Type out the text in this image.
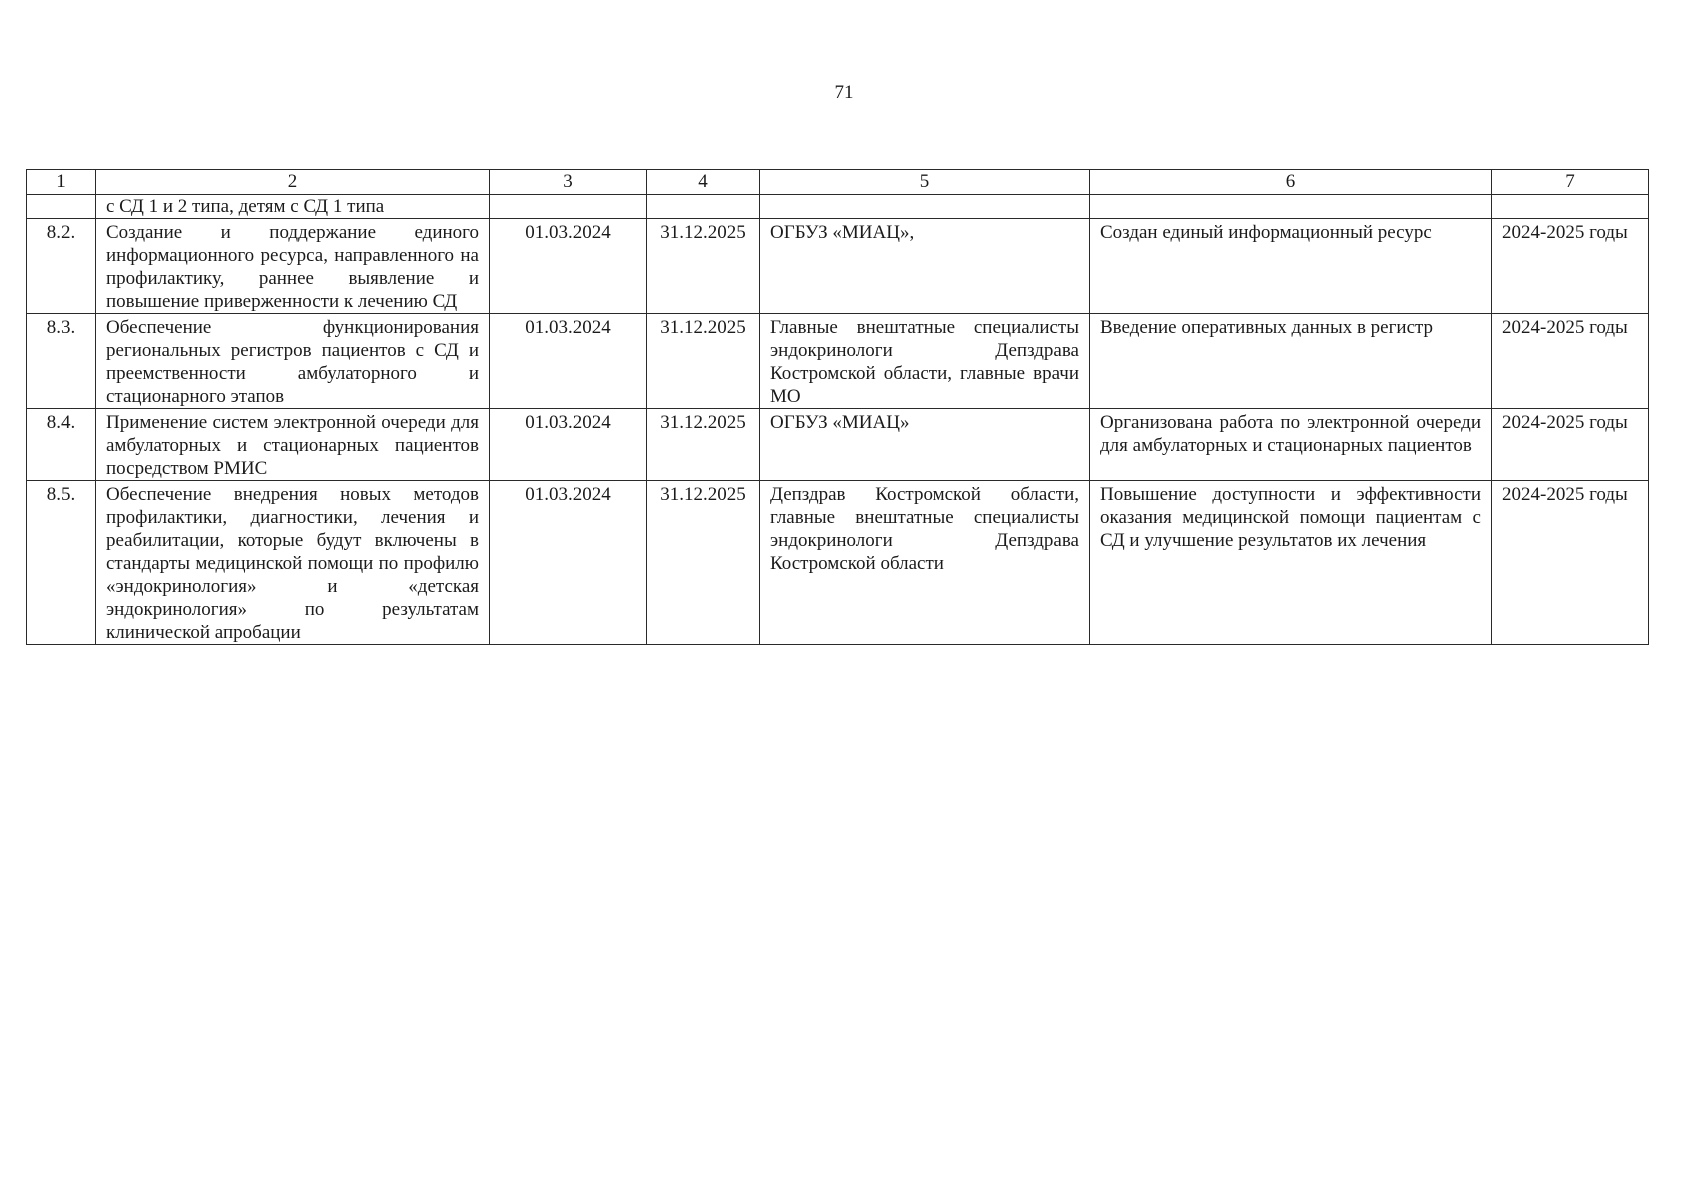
71
1	2	3	4	5	6	7
	с СД 1 и 2 типа, детям с СД 1 типа					
8.2.	Создание и поддержание единого информационного ресурса, направленного на профилактику, раннее выявление и повышение приверженности к лечению СД	01.03.2024	31.12.2025	ОГБУЗ «МИАЦ»,	Создан единый информационный ресурс	2024-2025 годы
8.3.	Обеспечение функционирования региональных регистров пациентов с СД и преемственности амбулаторного и стационарного этапов	01.03.2024	31.12.2025	Главные внештатные специалисты эндокринологи Депздрава Костромской области, главные врачи МО	Введение оперативных данных в регистр	2024-2025 годы
8.4.	Применение систем электронной очереди для амбулаторных и стационарных пациентов посредством РМИС	01.03.2024	31.12.2025	ОГБУЗ «МИАЦ»	Организована работа по электронной очереди для амбулаторных и стационарных пациентов	2024-2025 годы
8.5.	Обеспечение внедрения новых методов профилактики, диагностики, лечения и реабилитации, которые будут включены в стандарты медицинской помощи по профилю «эндокринология» и «детская эндокринология» по результатам клинической апробации	01.03.2024	31.12.2025	Депздрав Костромской области, главные внештатные специалисты эндокринологи Депздрава Костромской области	Повышение доступности и эффективности оказания медицинской помощи пациентам с СД и улучшение результатов их лечения	2024-2025 годы
